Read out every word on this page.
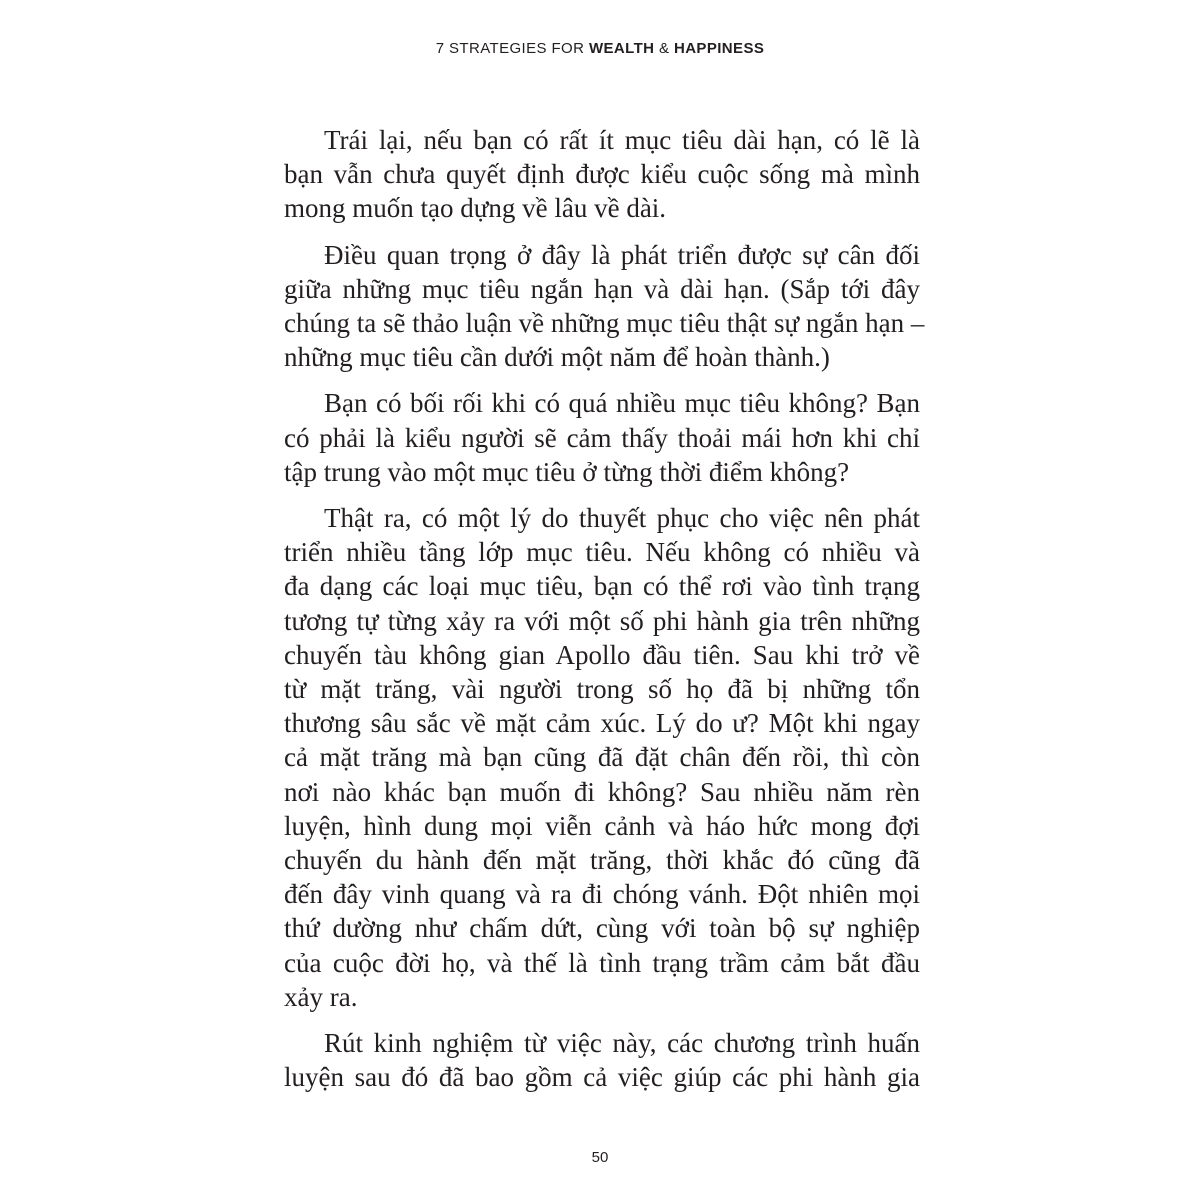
7 STRATEGIES FOR WEALTH & HAPPINESS
Trái lại, nếu bạn có rất ít mục tiêu dài hạn, có lẽ là
bạn vẫn chưa quyết định được kiểu cuộc sống mà mình
mong muốn tạo dựng về lâu về dài.
Điều quan trọng ở đây là phát triển được sự cân đối
giữa những mục tiêu ngắn hạn và dài hạn. (Sắp tới đây
chúng ta sẽ thảo luận về những mục tiêu thật sự ngắn hạn –
những mục tiêu cần dưới một năm để hoàn thành.)
Bạn có bối rối khi có quá nhiều mục tiêu không? Bạn
có phải là kiểu người sẽ cảm thấy thoải mái hơn khi chỉ
tập trung vào một mục tiêu ở từng thời điểm không?
Thật ra, có một lý do thuyết phục cho việc nên phát
triển nhiều tầng lớp mục tiêu. Nếu không có nhiều và
đa dạng các loại mục tiêu, bạn có thể rơi vào tình trạng
tương tự từng xảy ra với một số phi hành gia trên những
chuyến tàu không gian Apollo đầu tiên. Sau khi trở về
từ mặt trăng, vài người trong số họ đã bị những tổn
thương sâu sắc về mặt cảm xúc. Lý do ư? Một khi ngay
cả mặt trăng mà bạn cũng đã đặt chân đến rồi, thì còn
nơi nào khác bạn muốn đi không? Sau nhiều năm rèn
luyện, hình dung mọi viễn cảnh và háo hức mong đợi
chuyến du hành đến mặt trăng, thời khắc đó cũng đã
đến đây vinh quang và ra đi chóng vánh. Đột nhiên mọi
thứ dường như chấm dứt, cùng với toàn bộ sự nghiệp
của cuộc đời họ, và thế là tình trạng trầm cảm bắt đầu
xảy ra.
Rút kinh nghiệm từ việc này, các chương trình huấn
luyện sau đó đã bao gồm cả việc giúp các phi hành gia
50
